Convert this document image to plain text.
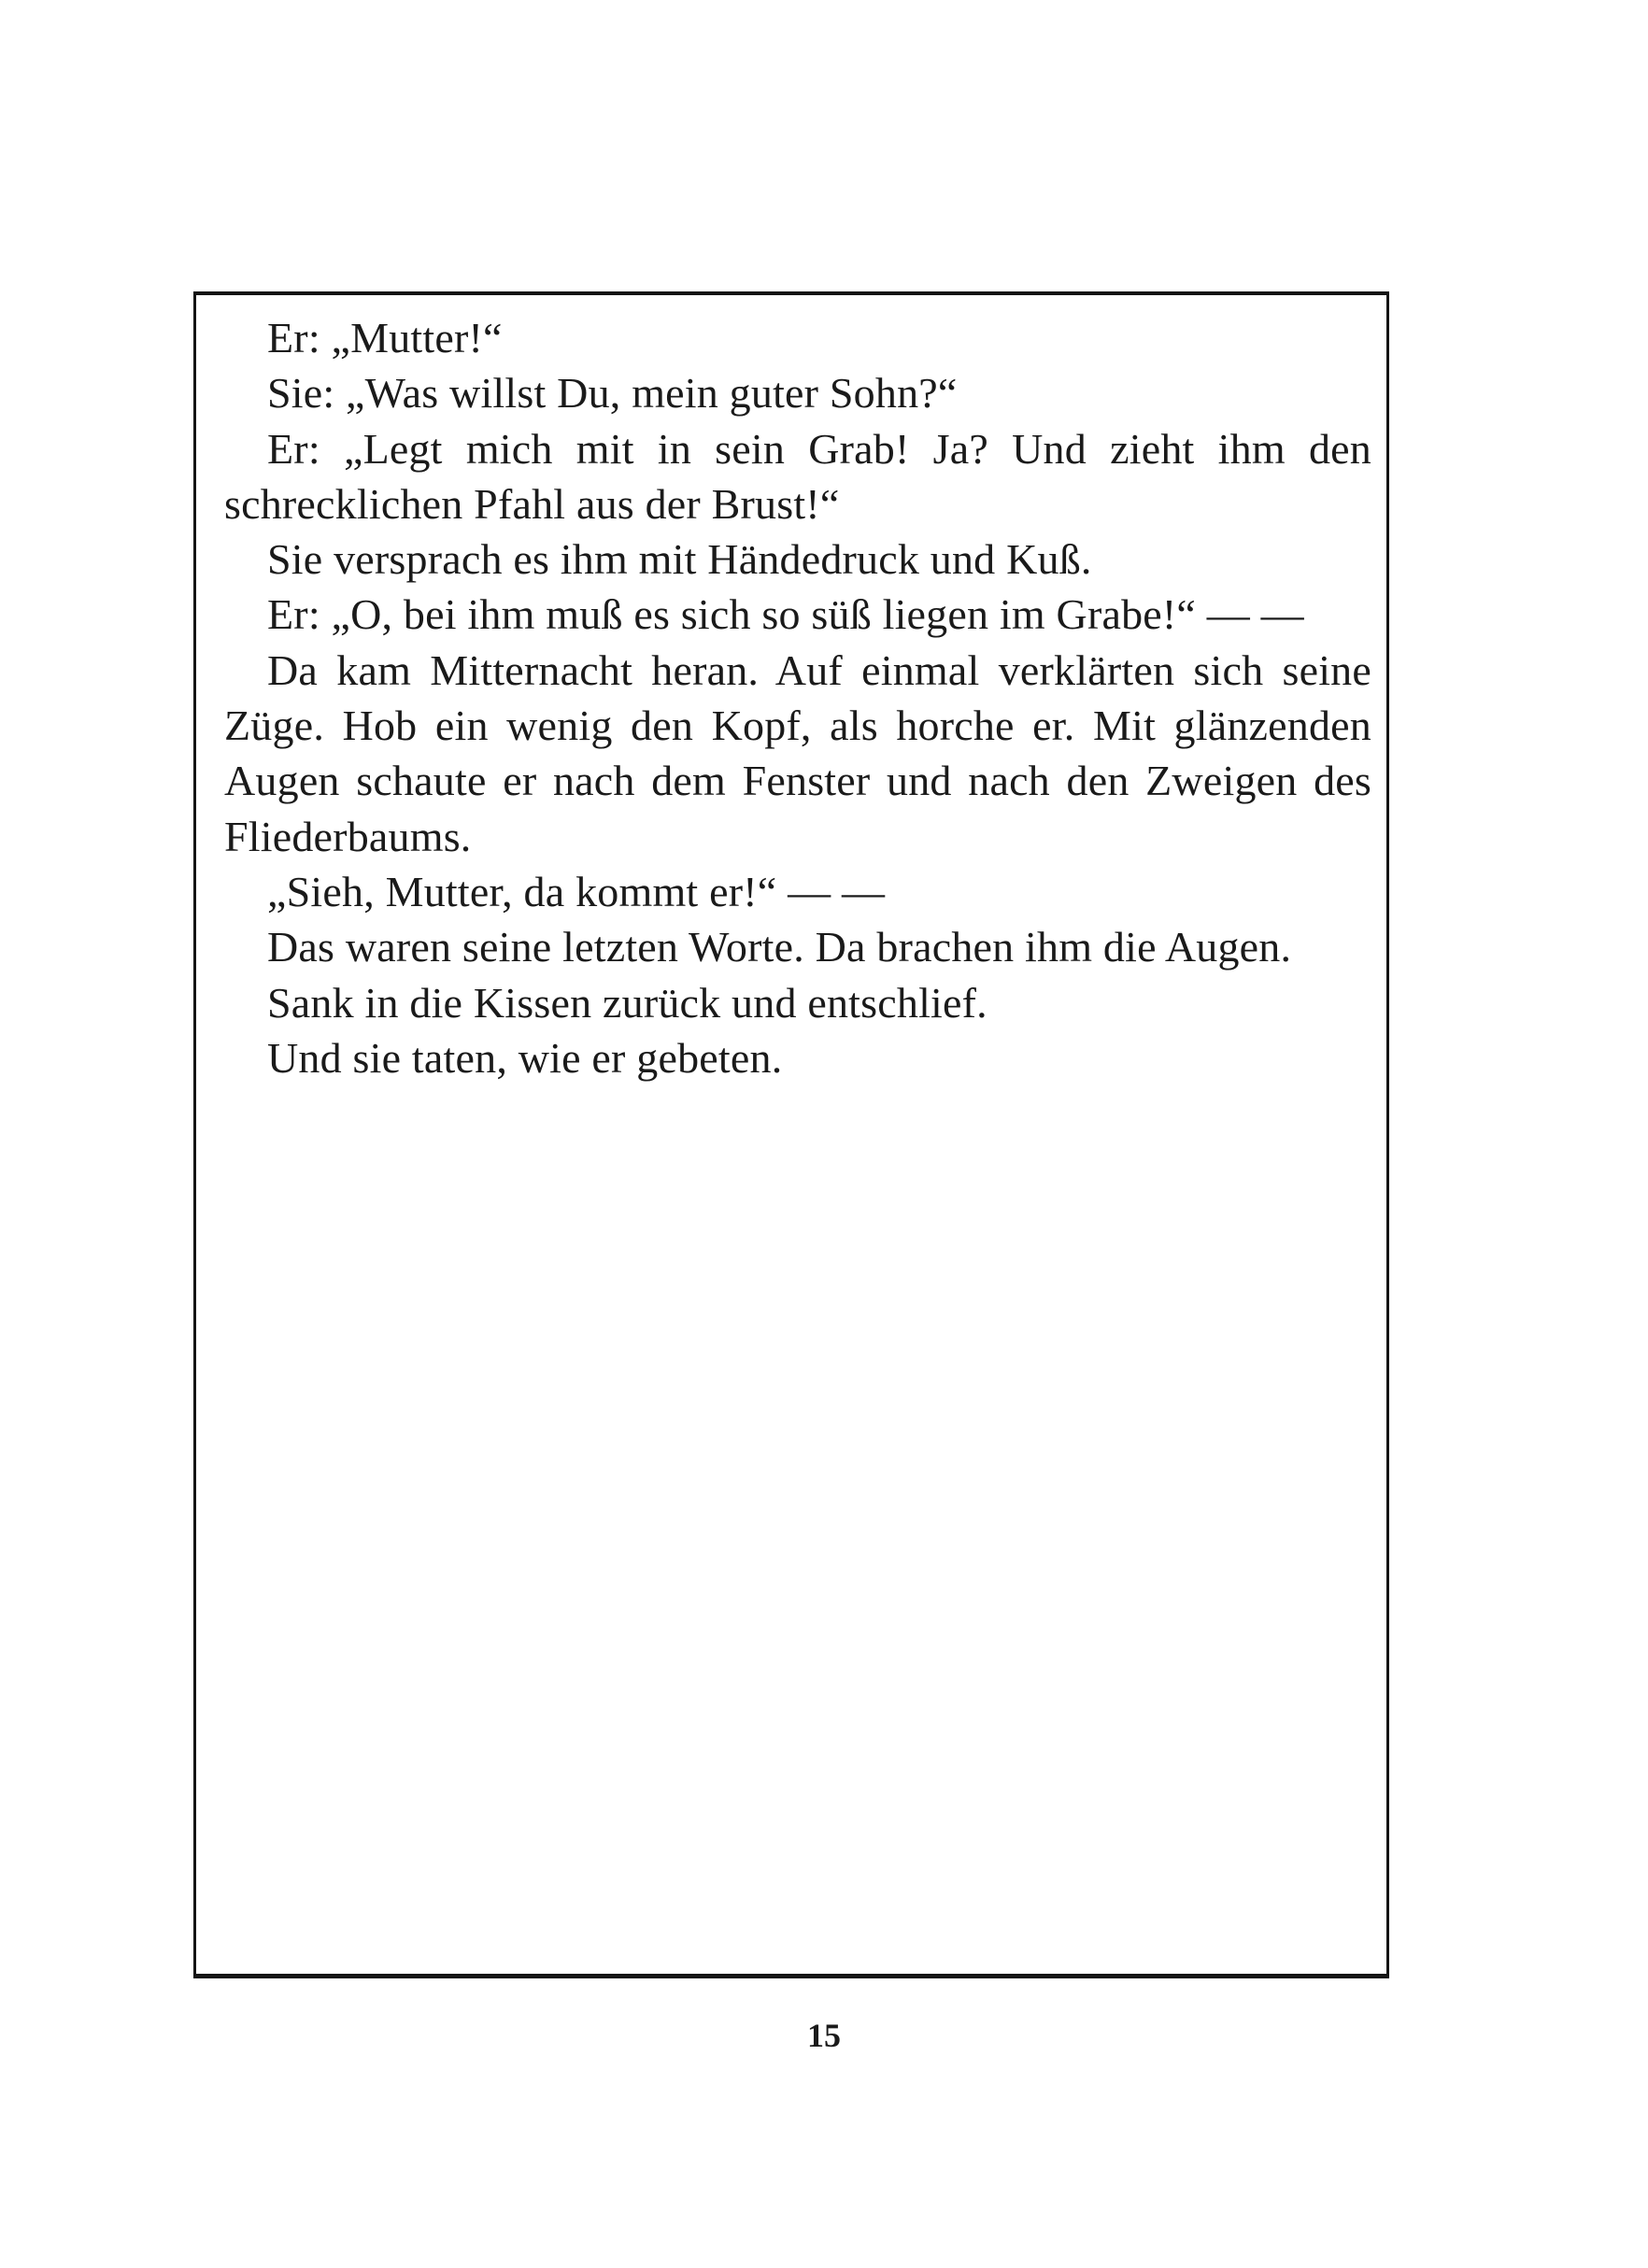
Er: „Mutter!“

Sie: „Was willst Du, mein guter Sohn?“

Er: „Legt mich mit in sein Grab! Ja? Und zieht ihm den schrecklichen Pfahl aus der Brust!“

Sie versprach es ihm mit Händedruck und Kuß.

Er: „O, bei ihm muß es sich so süß liegen im Grabe!“ — —

Da kam Mitternacht heran. Auf einmal verklärten sich seine Züge. Hob ein wenig den Kopf, als horche er. Mit glänzenden Augen schaute er nach dem Fenster und nach den Zweigen des Fliederbaums.

„Sieh, Mutter, da kommt er!“ — —

Das waren seine letzten Worte. Da brachen ihm die Augen.

Sank in die Kissen zurück und entschlief.

Und sie taten, wie er gebeten.

15
